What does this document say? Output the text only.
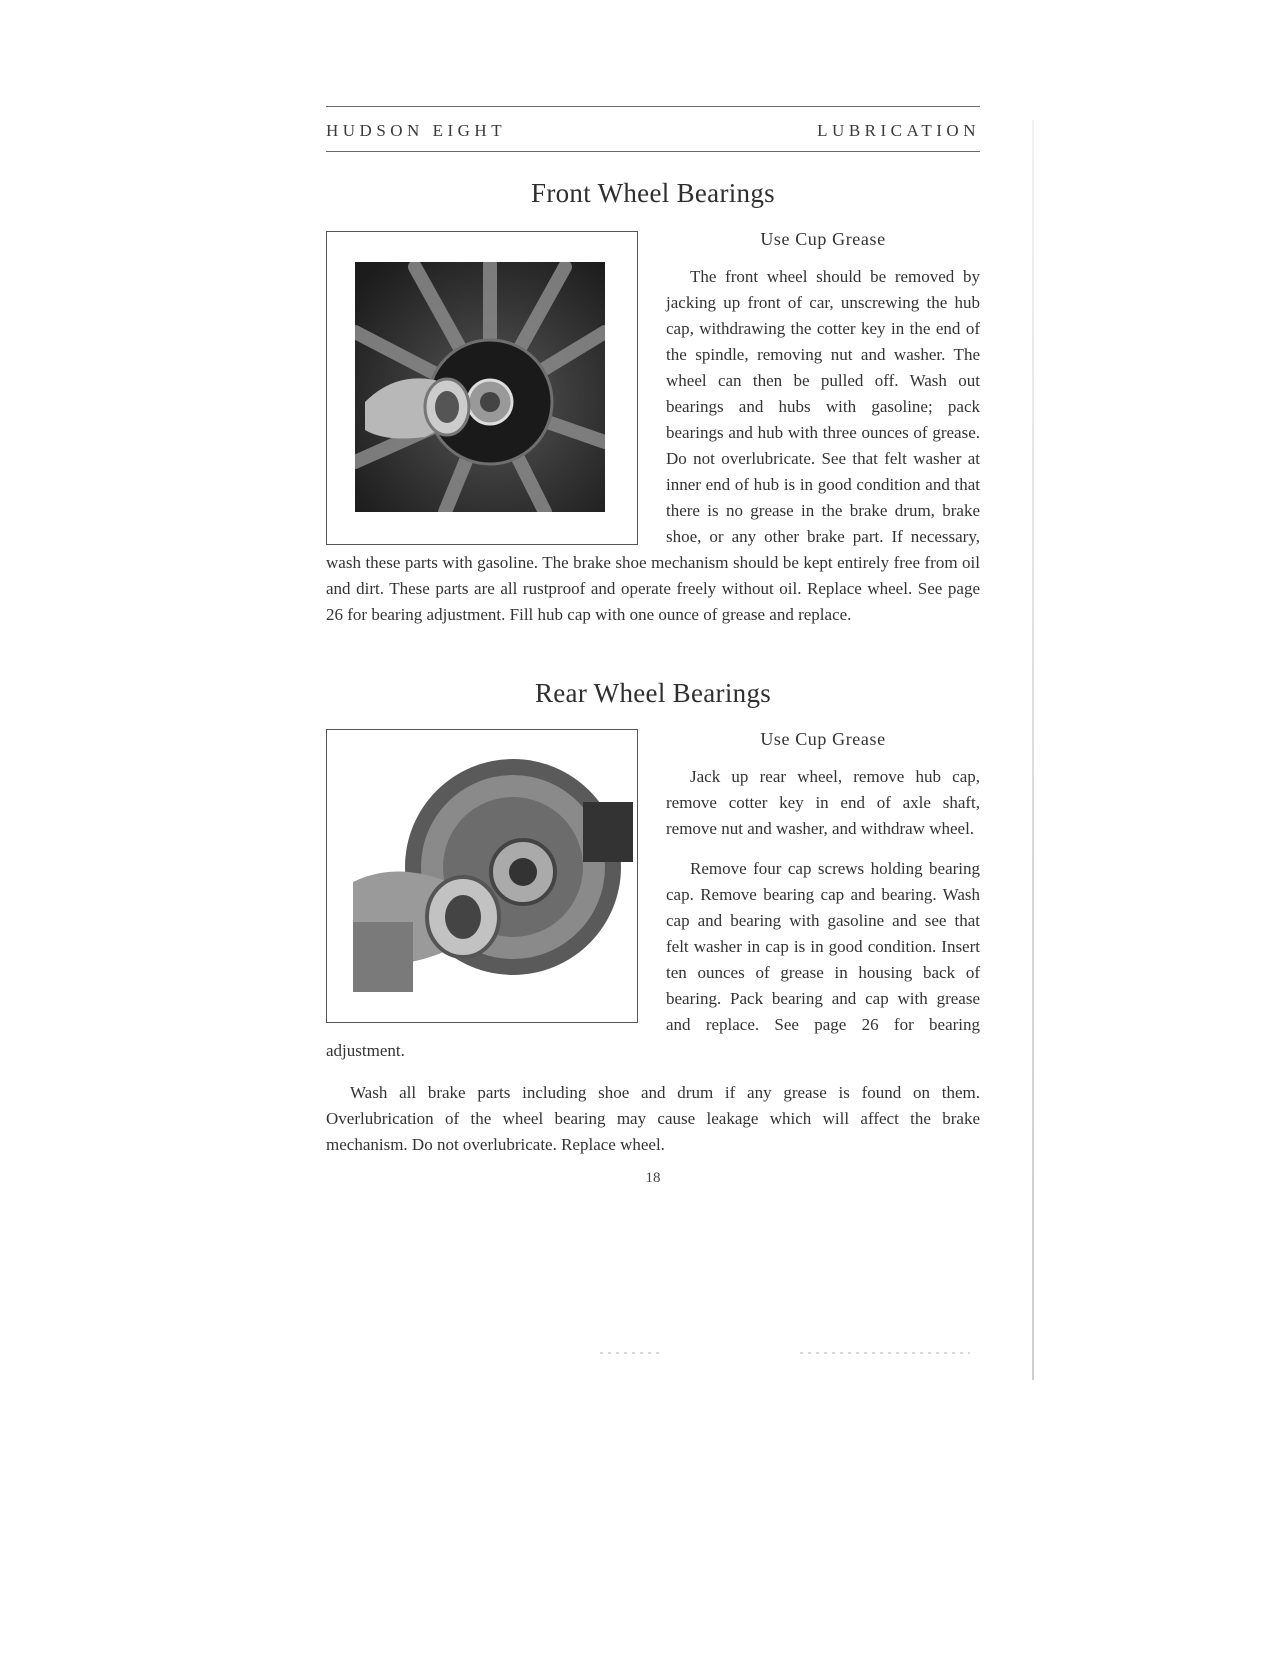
HUDSON EIGHT	LUBRICATION
Front Wheel Bearings
Use Cup Grease

The front wheel should be removed by jacking up front of car, unscrewing the hub cap, withdrawing the cotter key in the end of the spindle, removing nut and washer. The wheel can then be pulled off. Wash out bearings and hubs with gasoline; pack bearings and hub with three ounces of grease. Do not overlubricate. See that felt washer at inner end of hub is in good condition and that there is no grease in the brake drum, brake shoe, or any other brake part. If necessary, wash these parts with gasoline. The brake shoe mechanism should be kept entirely free from oil and dirt. These parts are all rustproof and operate freely without oil. Replace wheel. See page 26 for bearing adjustment. Fill hub cap with one ounce of grease and replace.

Rear Wheel Bearings
Use Cup Grease

Jack up rear wheel, remove hub cap, remove cotter key in end of axle shaft, remove nut and washer, and withdraw wheel.

Remove four cap screws holding bearing cap. Remove bearing cap and bearing. Wash cap and bearing with gasoline and see that felt washer in cap is in good condition. Insert ten ounces of grease in housing back of bearing. Pack bearing and cap with grease and replace. See page 26 for bearing adjustment.

Wash all brake parts including shoe and drum if any grease is found on them. Overlubrication of the wheel bearing may cause leakage which will affect the brake mechanism. Do not overlubricate. Replace wheel.

18
